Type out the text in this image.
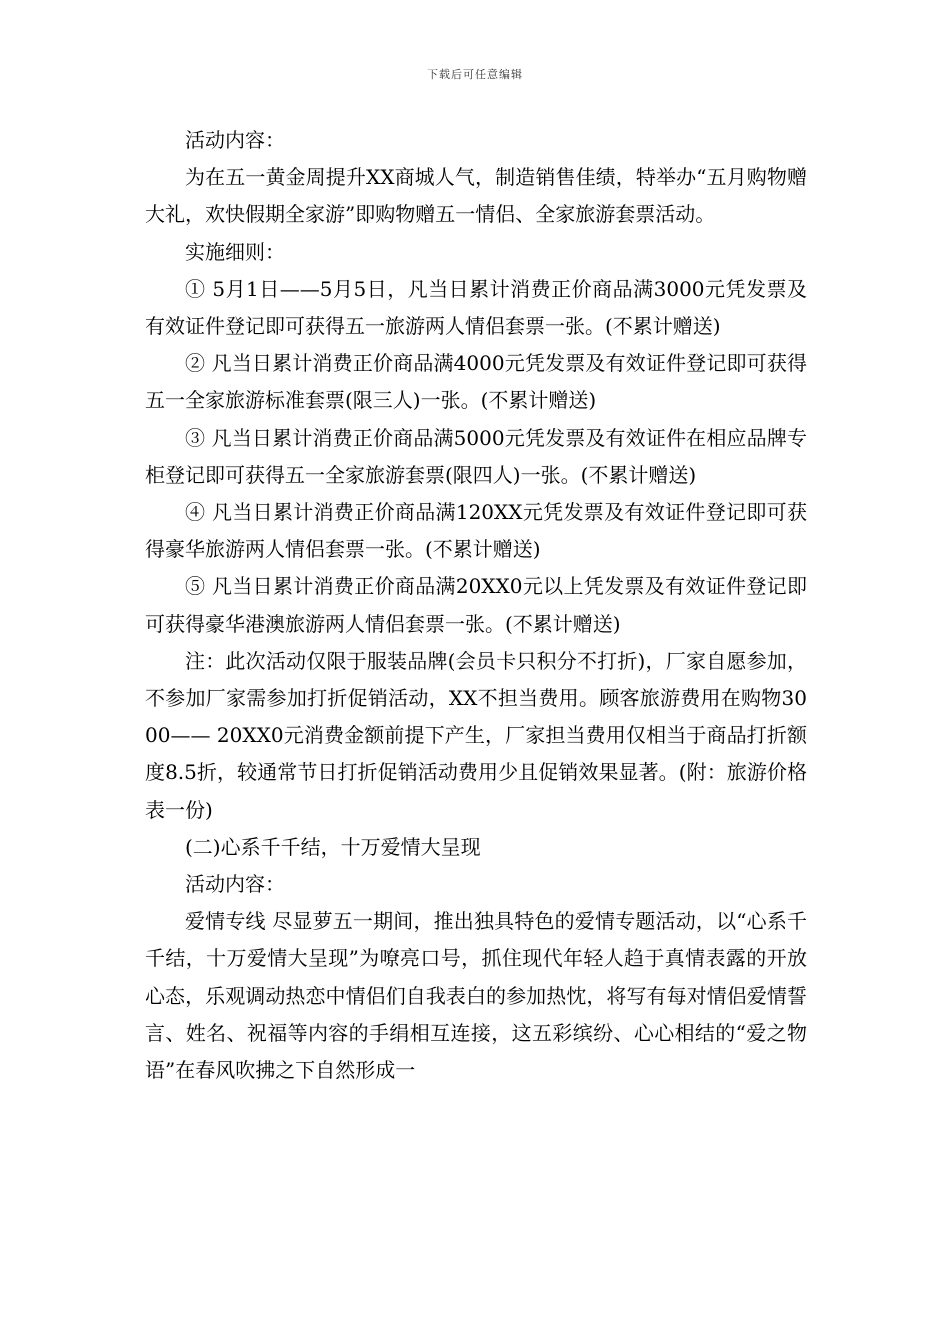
下载后可任意编辑

活动内容：

为在五一黄金周提升XX商城人气，制造销售佳绩，特举办“五月购物赠大礼，欢快假期全家游”即购物赠五一情侣、全家旅游套票活动。

实施细则：

① 5月1日——5月5日，凡当日累计消费正价商品满3000元凭发票及有效证件登记即可获得五一旅游两人情侣套票一张。(不累计赠送)

② 凡当日累计消费正价商品满4000元凭发票及有效证件登记即可获得五一全家旅游标准套票(限三人)一张。(不累计赠送)

③ 凡当日累计消费正价商品满5000元凭发票及有效证件在相应品牌专柜登记即可获得五一全家旅游套票(限四人)一张。(不累计赠送)

④ 凡当日累计消费正价商品满120XX元凭发票及有效证件登记即可获得豪华旅游两人情侣套票一张。(不累计赠送)

⑤ 凡当日累计消费正价商品满20XX0元以上凭发票及有效证件登记即可获得豪华港澳旅游两人情侣套票一张。(不累计赠送)

注：此次活动仅限于服装品牌(会员卡只积分不打折)，厂家自愿参加，不参加厂家需参加打折促销活动，XX不担当费用。顾客旅游费用在购物3000—— 20XX0元消费金额前提下产生，厂家担当费用仅相当于商品打折额度8.5折，较通常节日打折促销活动费用少且促销效果显著。(附：旅游价格表一份)

(二)心系千千结，十万爱情大呈现

活动内容：

爱情专线 尽显萝五一期间，推出独具特色的爱情专题活动，以“心系千千结，十万爱情大呈现”为嘹亮口号，抓住现代年轻人趋于真情表露的开放心态，乐观调动热恋中情侣们自我表白的参加热忱，将写有每对情侣爱情誓言、姓名、祝福等内容的手绢相互连接，这五彩缤纷、心心相结的“爱之物语”在春风吹拂之下自然形成一
